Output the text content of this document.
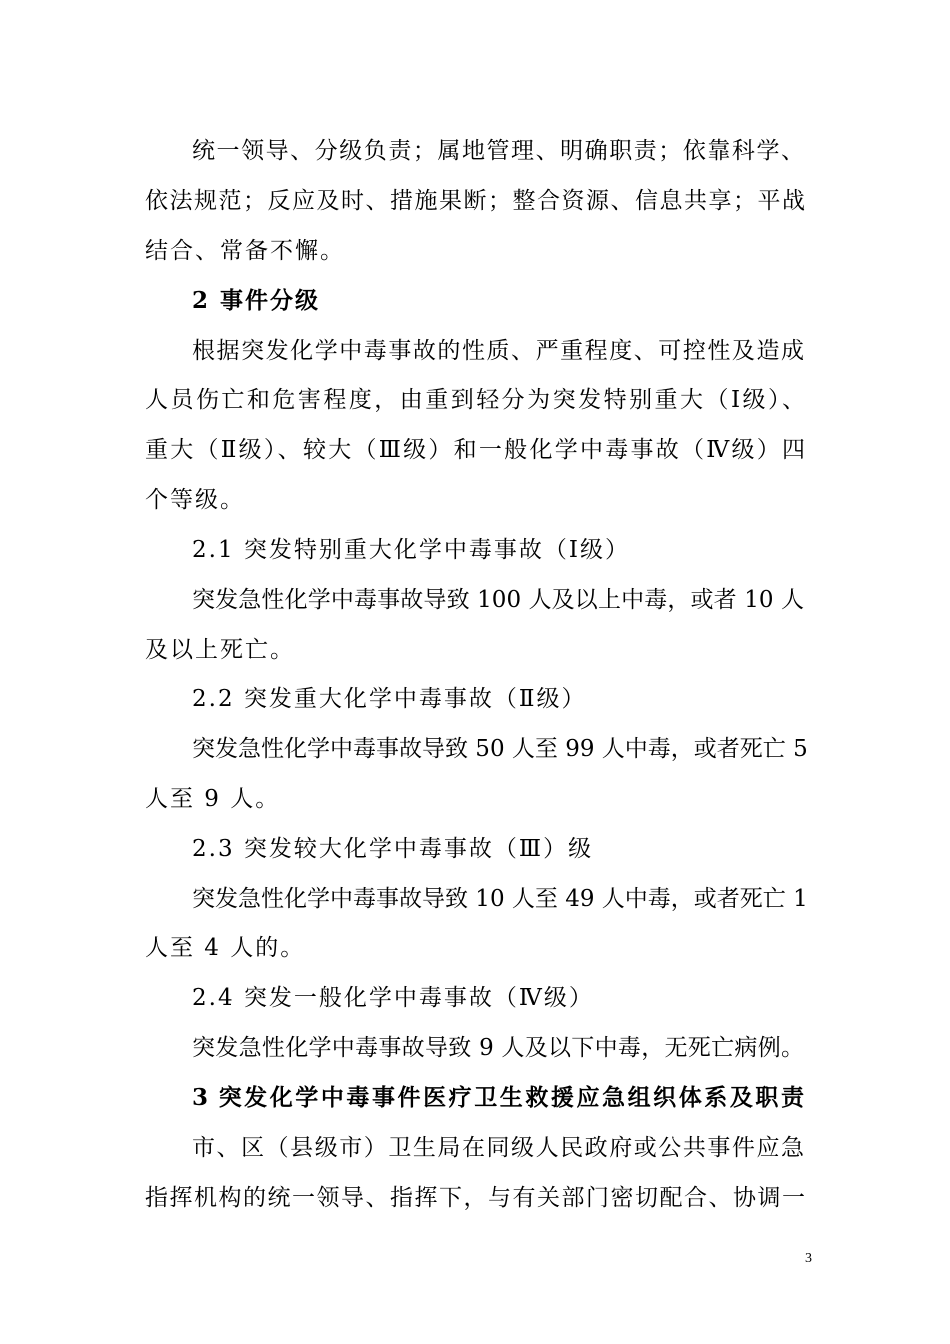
统一领导、分级负责；属地管理、明确职责；依靠科学、
依法规范；反应及时、措施果断；整合资源、信息共享；平战
结合、常备不懈。
2 事件分级
根据突发化学中毒事故的性质、严重程度、可控性及造成
人员伤亡和危害程度，由重到轻分为突发特别重大（Ⅰ级）、
重大（Ⅱ级）、较大（Ⅲ级）和一般化学中毒事故（Ⅳ级）四
个等级。
2.1 突发特别重大化学中毒事故（Ⅰ级）
突发急性化学中毒事故导致 100 人及以上中毒，或者 10 人
及以上死亡。
2.2 突发重大化学中毒事故（Ⅱ级）
突发急性化学中毒事故导致 50 人至 99 人中毒，或者死亡 5
人至 9 人。
2.3 突发较大化学中毒事故（Ⅲ）级
突发急性化学中毒事故导致 10 人至 49 人中毒，或者死亡 1
人至 4 人的。
2.4 突发一般化学中毒事故（Ⅳ级）
突发急性化学中毒事故导致 9 人及以下中毒，无死亡病例。
3 突发化学中毒事件医疗卫生救援应急组织体系及职责
市、区（县级市）卫生局在同级人民政府或公共事件应急
指挥机构的统一领导、指挥下，与有关部门密切配合、协调一
3
